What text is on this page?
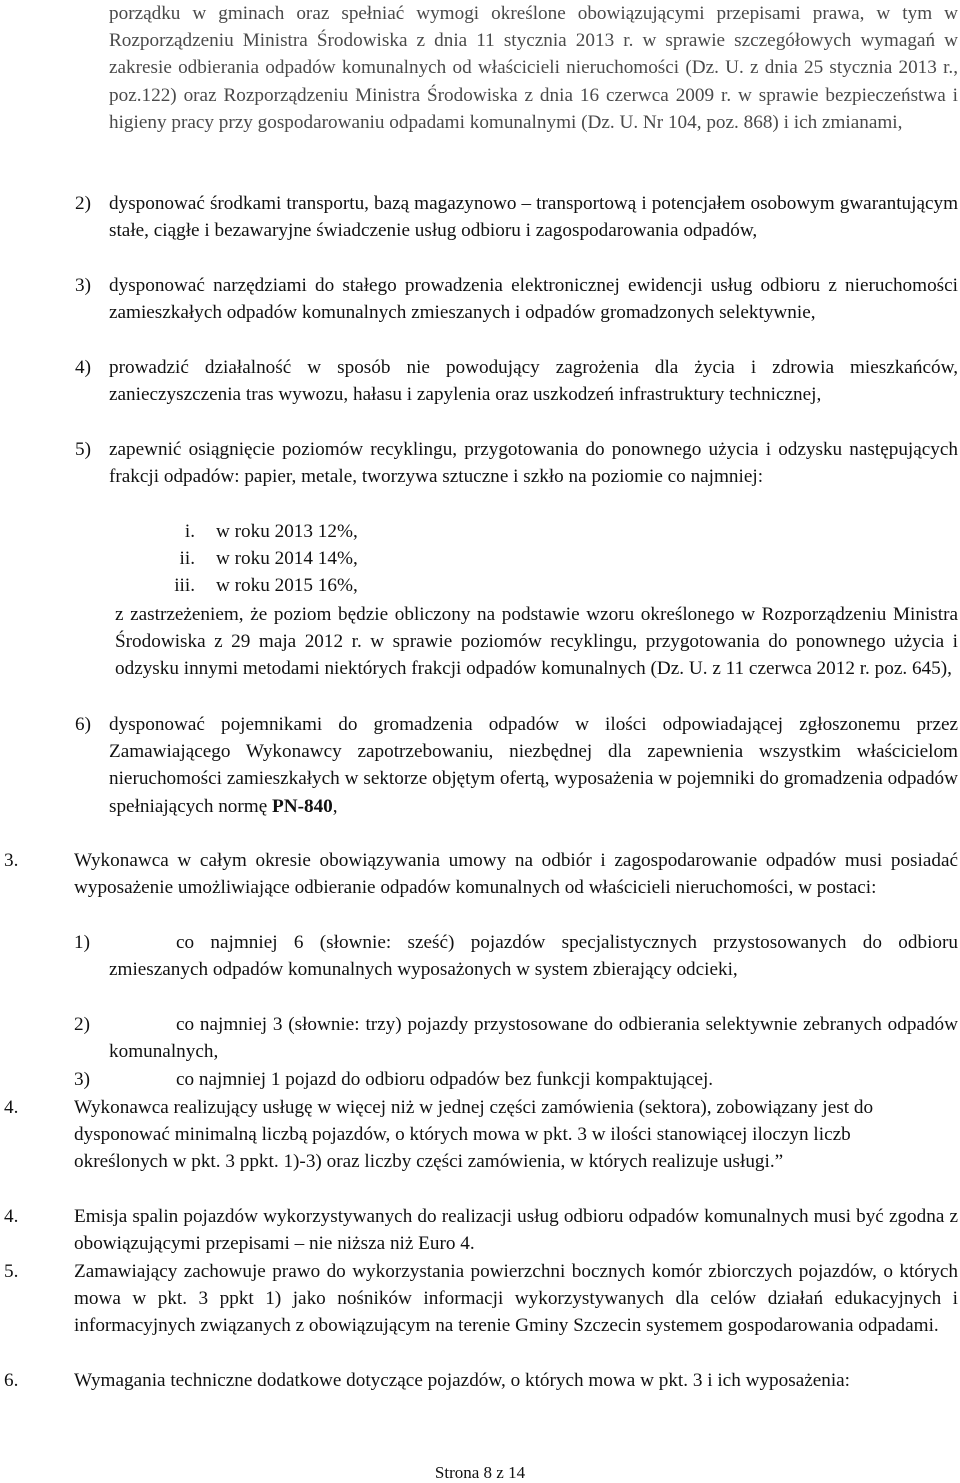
porządku w gminach oraz spełniać wymogi określone obowiązującymi przepisami prawa, w tym w Rozporządzeniu Ministra Środowiska z dnia 11 stycznia 2013 r. w sprawie szczegółowych wymagań w zakresie odbierania odpadów komunalnych od właścicieli nieruchomości (Dz. U. z dnia 25 stycznia 2013 r., poz.122) oraz Rozporządzeniu Ministra Środowiska z dnia 16 czerwca 2009 r. w sprawie bezpieczeństwa i higieny pracy przy gospodarowaniu odpadami komunalnymi (Dz. U. Nr 104, poz. 868) i ich zmianami,

2) dysponować środkami transportu, bazą magazynowo – transportową i potencjałem osobowym gwarantującym stałe, ciągłe i bezawaryjne świadczenie usług odbioru i zagospodarowania odpadów,

3) dysponować narzędziami do stałego prowadzenia elektronicznej ewidencji usług odbioru z nieruchomości zamieszkałych odpadów komunalnych zmieszanych i odpadów gromadzonych selektywnie,

4) prowadzić działalność w sposób nie powodujący zagrożenia dla życia i zdrowia mieszkańców, zanieczyszczenia tras wywozu, hałasu i zapylenia oraz uszkodzeń infrastruktury technicznej,

5) zapewnić osiągnięcie poziomów recyklingu, przygotowania do ponownego użycia i odzysku następujących frakcji odpadów: papier, metale, tworzywa sztuczne i szkło na poziomie co najmniej:

i. w roku 2013 12%,
ii. w roku 2014 14%,
iii. w roku 2015 16%,

z zastrzeżeniem, że poziom będzie obliczony na podstawie wzoru określonego w Rozporządzeniu Ministra Środowiska z 29 maja 2012 r. w sprawie poziomów recyklingu, przygotowania do ponownego użycia i odzysku innymi metodami niektórych frakcji odpadów komunalnych (Dz. U. z 11 czerwca 2012 r. poz. 645),

6) dysponować pojemnikami do gromadzenia odpadów w ilości odpowiadającej zgłoszonemu przez Zamawiającego Wykonawcy zapotrzebowaniu, niezbędnej dla zapewnienia wszystkim właścicielom nieruchomości zamieszkałych w sektorze objętym ofertą, wyposażenia w pojemniki do gromadzenia odpadów spełniających normę PN-840,

3.	Wykonawca w całym okresie obowiązywania umowy na odbiór i zagospodarowanie odpadów musi posiadać wyposażenie umożliwiające odbieranie odpadów komunalnych od właścicieli nieruchomości, w postaci:

1)	co najmniej 6 (słownie: sześć) pojazdów specjalistycznych przystosowanych do odbioru zmieszanych odpadów komunalnych wyposażonych w system zbierający odcieki,

2)	co najmniej 3 (słownie: trzy) pojazdy przystosowane do odbierania selektywnie zebranych odpadów komunalnych,

3)	co najmniej 1 pojazd do odbioru odpadów bez funkcji kompaktującej.

4.	Wykonawca realizujący usługę w więcej niż w jednej części zamówienia (sektora), zobowiązany jest do dysponować minimalną liczbą pojazdów, o których mowa w pkt. 3 w ilości stanowiącej iloczyn liczb określonych w pkt. 3 ppkt. 1)-3) oraz liczby części zamówienia, w których realizuje usługi.”

4.	Emisja spalin pojazdów wykorzystywanych do realizacji usług odbioru odpadów komunalnych musi być zgodna z obowiązującymi przepisami – nie niższa niż Euro 4.

5.	Zamawiający zachowuje prawo do wykorzystania powierzchni bocznych komór zbiorczych pojazdów, o których mowa w pkt. 3 ppkt 1) jako nośników informacji wykorzystywanych dla celów działań edukacyjnych i informacyjnych związanych z obowiązującym na terenie Gminy Szczecin systemem gospodarowania odpadami.

6.	Wymagania techniczne dodatkowe dotyczące pojazdów, o których mowa w pkt. 3 i ich wyposażenia:

Strona 8 z 14
